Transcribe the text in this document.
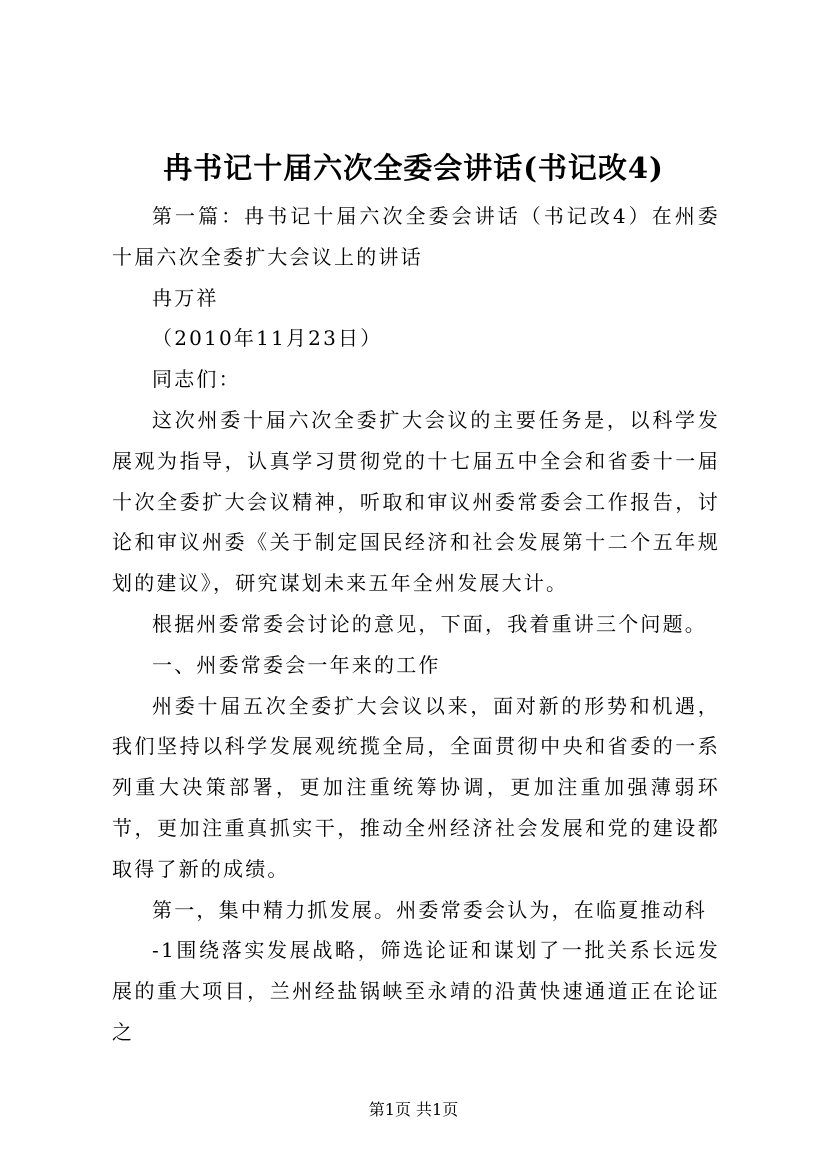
冉书记十届六次全委会讲话(书记改4)

第一篇：冉书记十届六次全委会讲话（书记改4）在州委十届六次全委扩大会议上的讲话

冉万祥

（2010年11月23日）

同志们：

这次州委十届六次全委扩大会议的主要任务是，以科学发展观为指导，认真学习贯彻党的十七届五中全会和省委十一届十次全委扩大会议精神，听取和审议州委常委会工作报告，讨论和审议州委《关于制定国民经济和社会发展第十二个五年规划的建议》，研究谋划未来五年全州发展大计。

根据州委常委会讨论的意见，下面，我着重讲三个问题。

一、州委常委会一年来的工作

州委十届五次全委扩大会议以来，面对新的形势和机遇，我们坚持以科学发展观统揽全局，全面贯彻中央和省委的一系列重大决策部署，更加注重统筹协调，更加注重加强薄弱环节，更加注重真抓实干，推动全州经济社会发展和党的建设都取得了新的成绩。

第一，集中精力抓发展。州委常委会认为，在临夏推动科

-1围绕落实发展战略，筛选论证和谋划了一批关系长远发展的重大项目，兰州经盐锅峡至永靖的沿黄快速通道正在论证之

第1页 共1页
